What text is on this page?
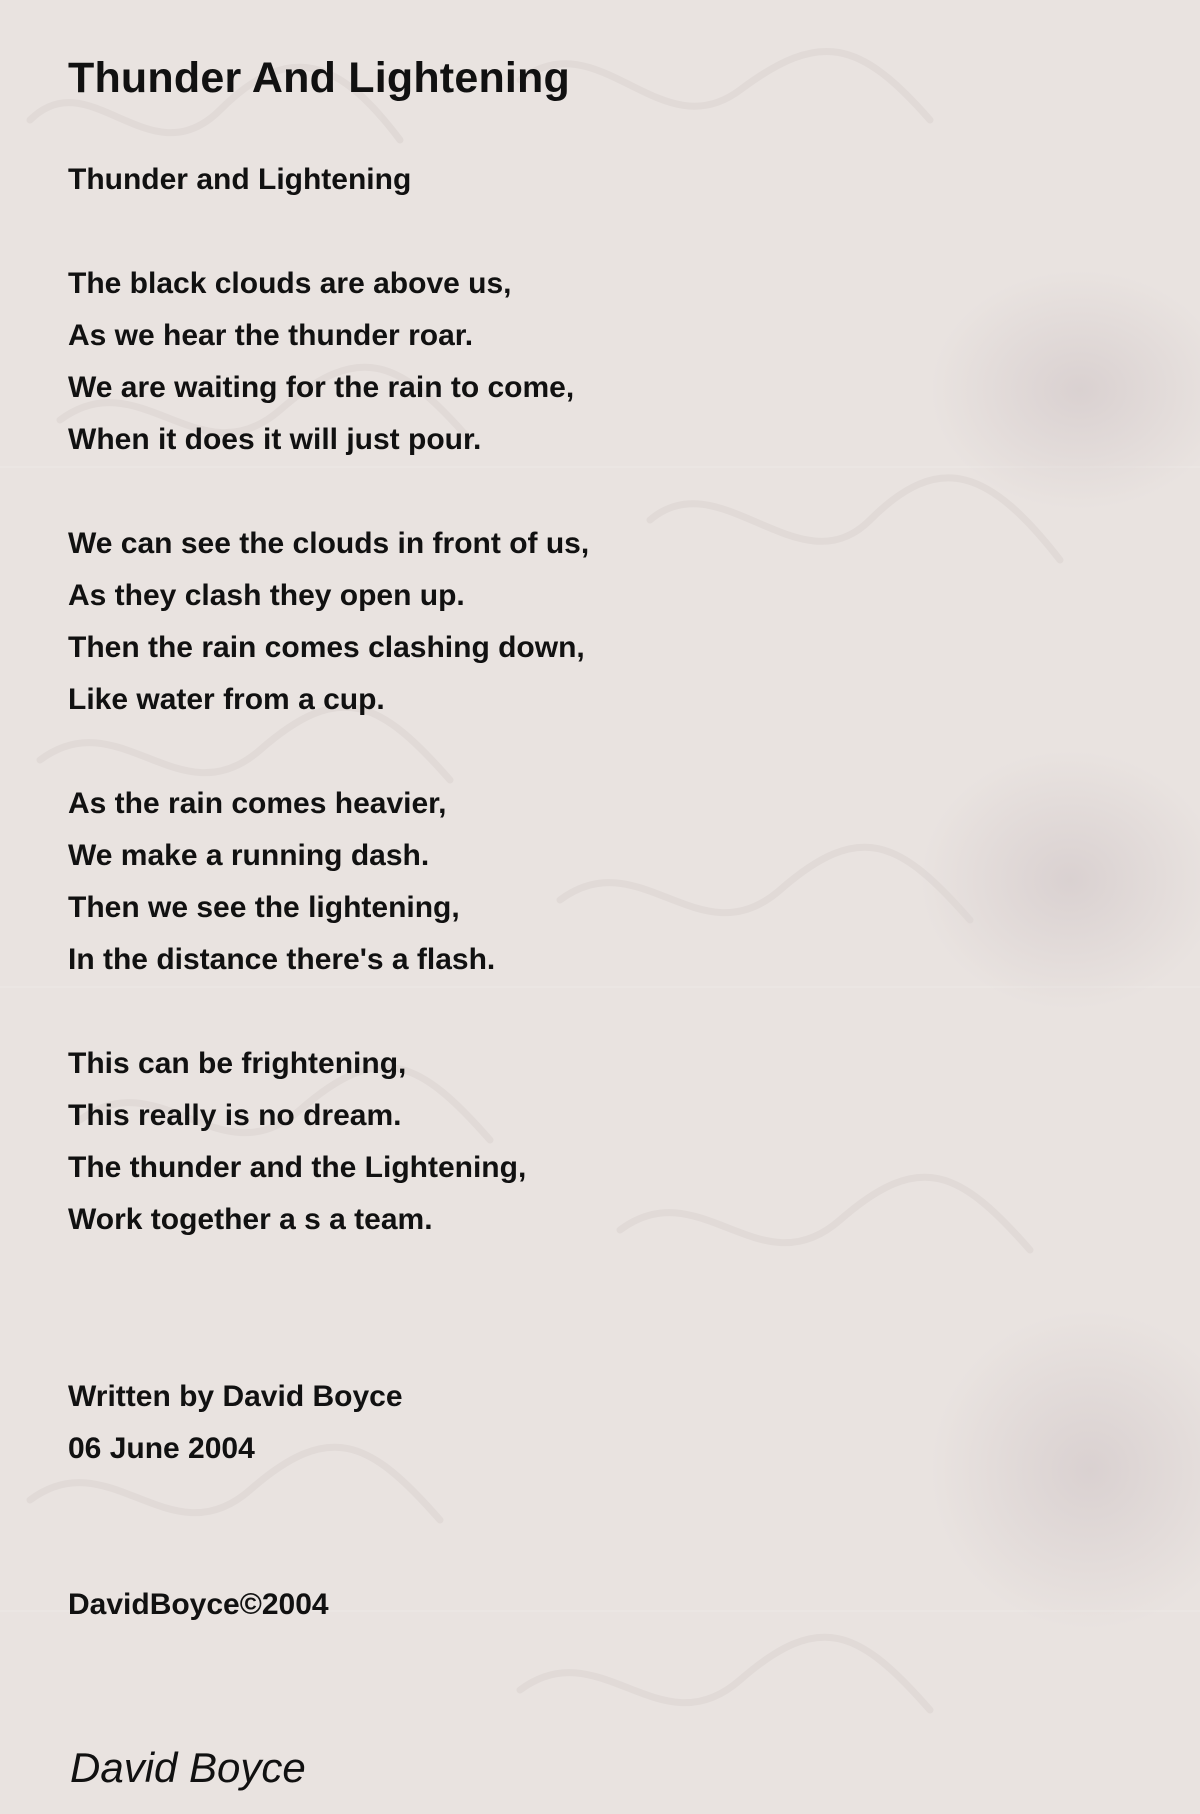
Thunder And Lightening
Thunder and Lightening
The black clouds are above us,
As we hear the thunder roar.
We are waiting for the rain to come,
When it does it will just pour.
We can see the clouds in front of us,
As they clash they open up.
Then the rain comes clashing down,
Like water from a cup.
As the rain comes heavier,
We make a running dash.
Then we see the lightening,
In the distance there's a flash.
This can be frightening,
This really is no dream.
The thunder and the Lightening,
Work together a s a team.
Written by David Boyce
06 June 2004
DavidBoyce©2004
David Boyce
